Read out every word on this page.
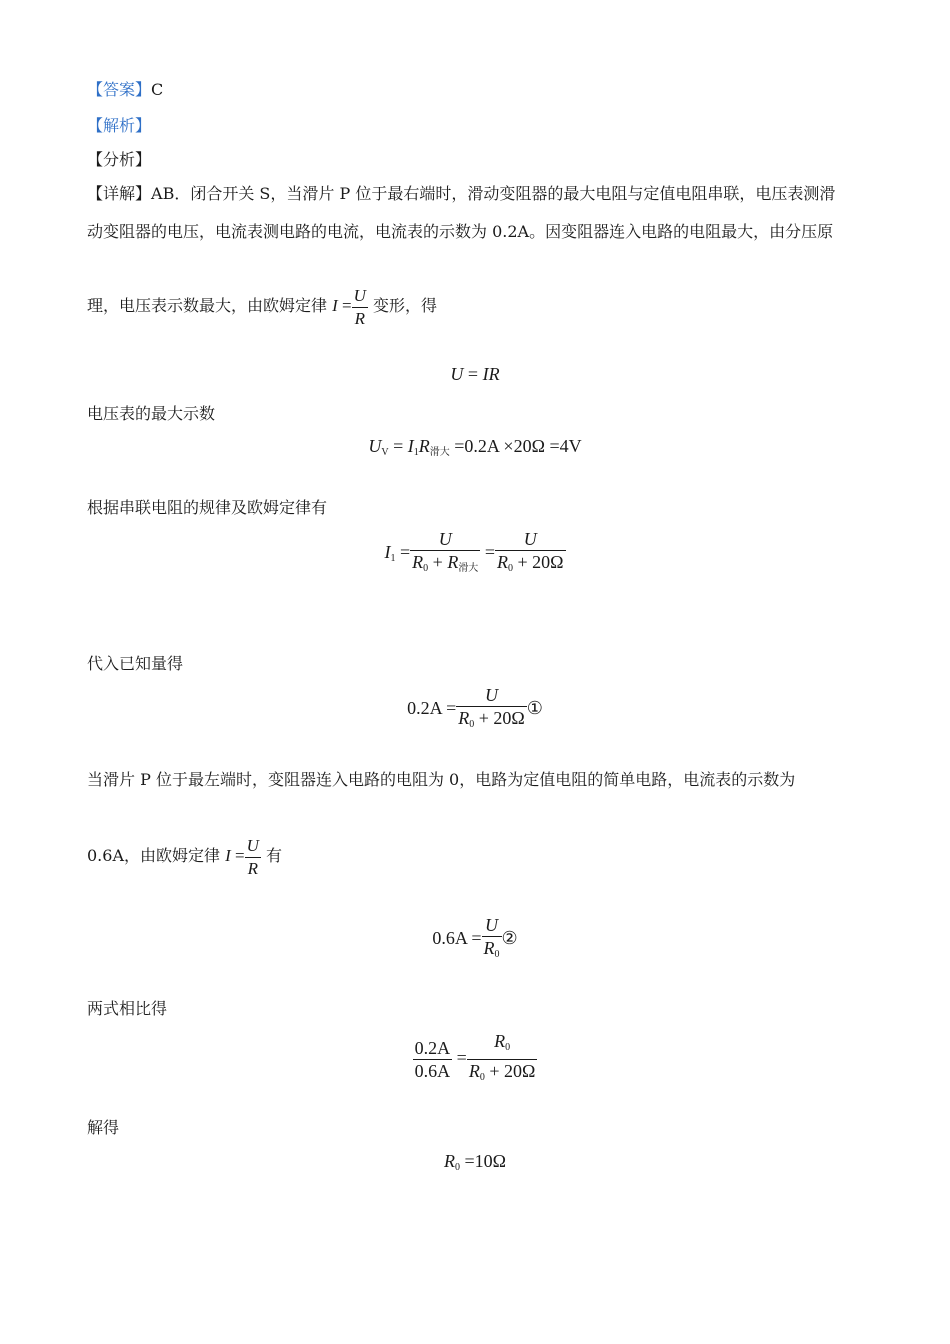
【答案】C
【解析】
【分析】
【详解】AB．闭合开关 S，当滑片 P 位于最右端时，滑动变阻器的最大电阻与定值电阻串联，电压表测滑
动变阻器的电压，电流表测电路的电流，电流表的示数为 0.2A。因变阻器连入电路的电阻最大，由分压原
理，电压表示数最大，由欧姆定律 $I = \frac{U}{R}$ 变形，得
U = IR
电压表的最大示数
$U_V = I_1R_{滑大} =0.2A \times 20\Omega =4V$
根据串联电阻的规律及欧姆定律有
$I_1 = \frac{U}{R_0 + R_{滑大}} = \frac{U}{R_0 + 20\Omega}$
代入已知量得
$0.2A = \frac{U}{R_0 + 20\Omega}$ ①
当滑片 P 位于最左端时，变阻器连入电路的电阻为 0，电路为定值电阻的简单电路，电流表的示数为
0.6A，由欧姆定律 $I = \frac{U}{R}$ 有
$0.6A = \frac{U}{R_0}$ ②
两式相比得
$\frac{0.2A}{0.6A} = \frac{R_0}{R_0 + 20\Omega}$
解得
$R_0 =10\Omega$
